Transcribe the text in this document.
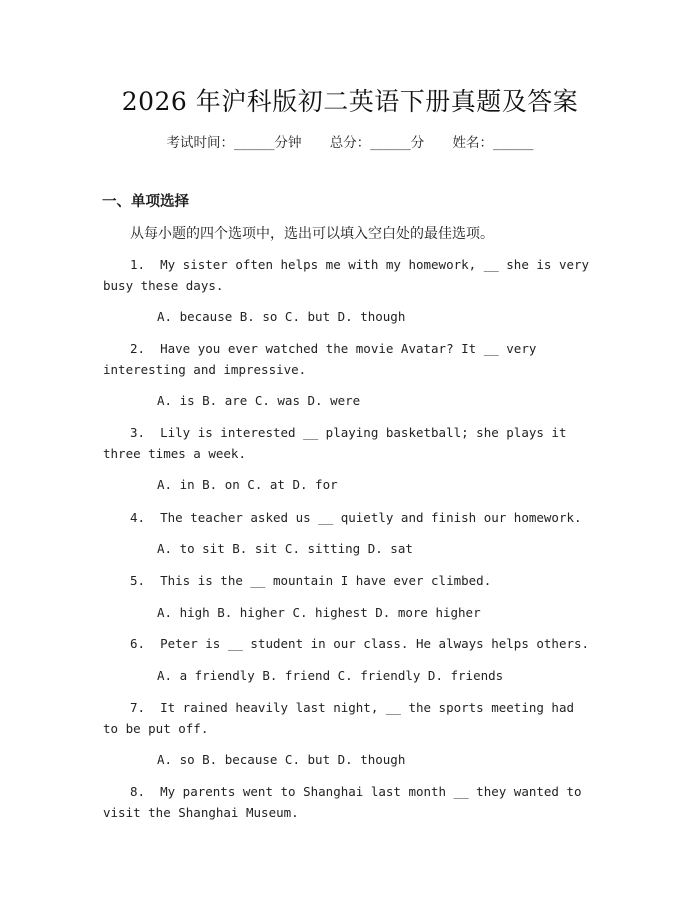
2026 年沪科版初二英语下册真题及答案
考试时间：______分钟 总分：______分 姓名：______
一、单项选择
从每小题的四个选项中，选出可以填入空白处的最佳选项。
1.  My sister often helps me with my homework, __ she is very busy these days.
A. because B. so C. but D. though
2.  Have you ever watched the movie Avatar? It __ very interesting and impressive.
A. is B. are C. was D. were
3.  Lily is interested __ playing basketball; she plays it three times a week.
A. in B. on C. at D. for
4.  The teacher asked us __ quietly and finish our homework.
A. to sit B. sit C. sitting D. sat
5.  This is the __ mountain I have ever climbed.
A. high B. higher C. highest D. more higher
6.  Peter is __ student in our class. He always helps others.
A. a friendly B. friend C. friendly D. friends
7.  It rained heavily last night, __ the sports meeting had to be put off.
A. so B. because C. but D. though
8.  My parents went to Shanghai last month __ they wanted to visit the Shanghai Museum.
